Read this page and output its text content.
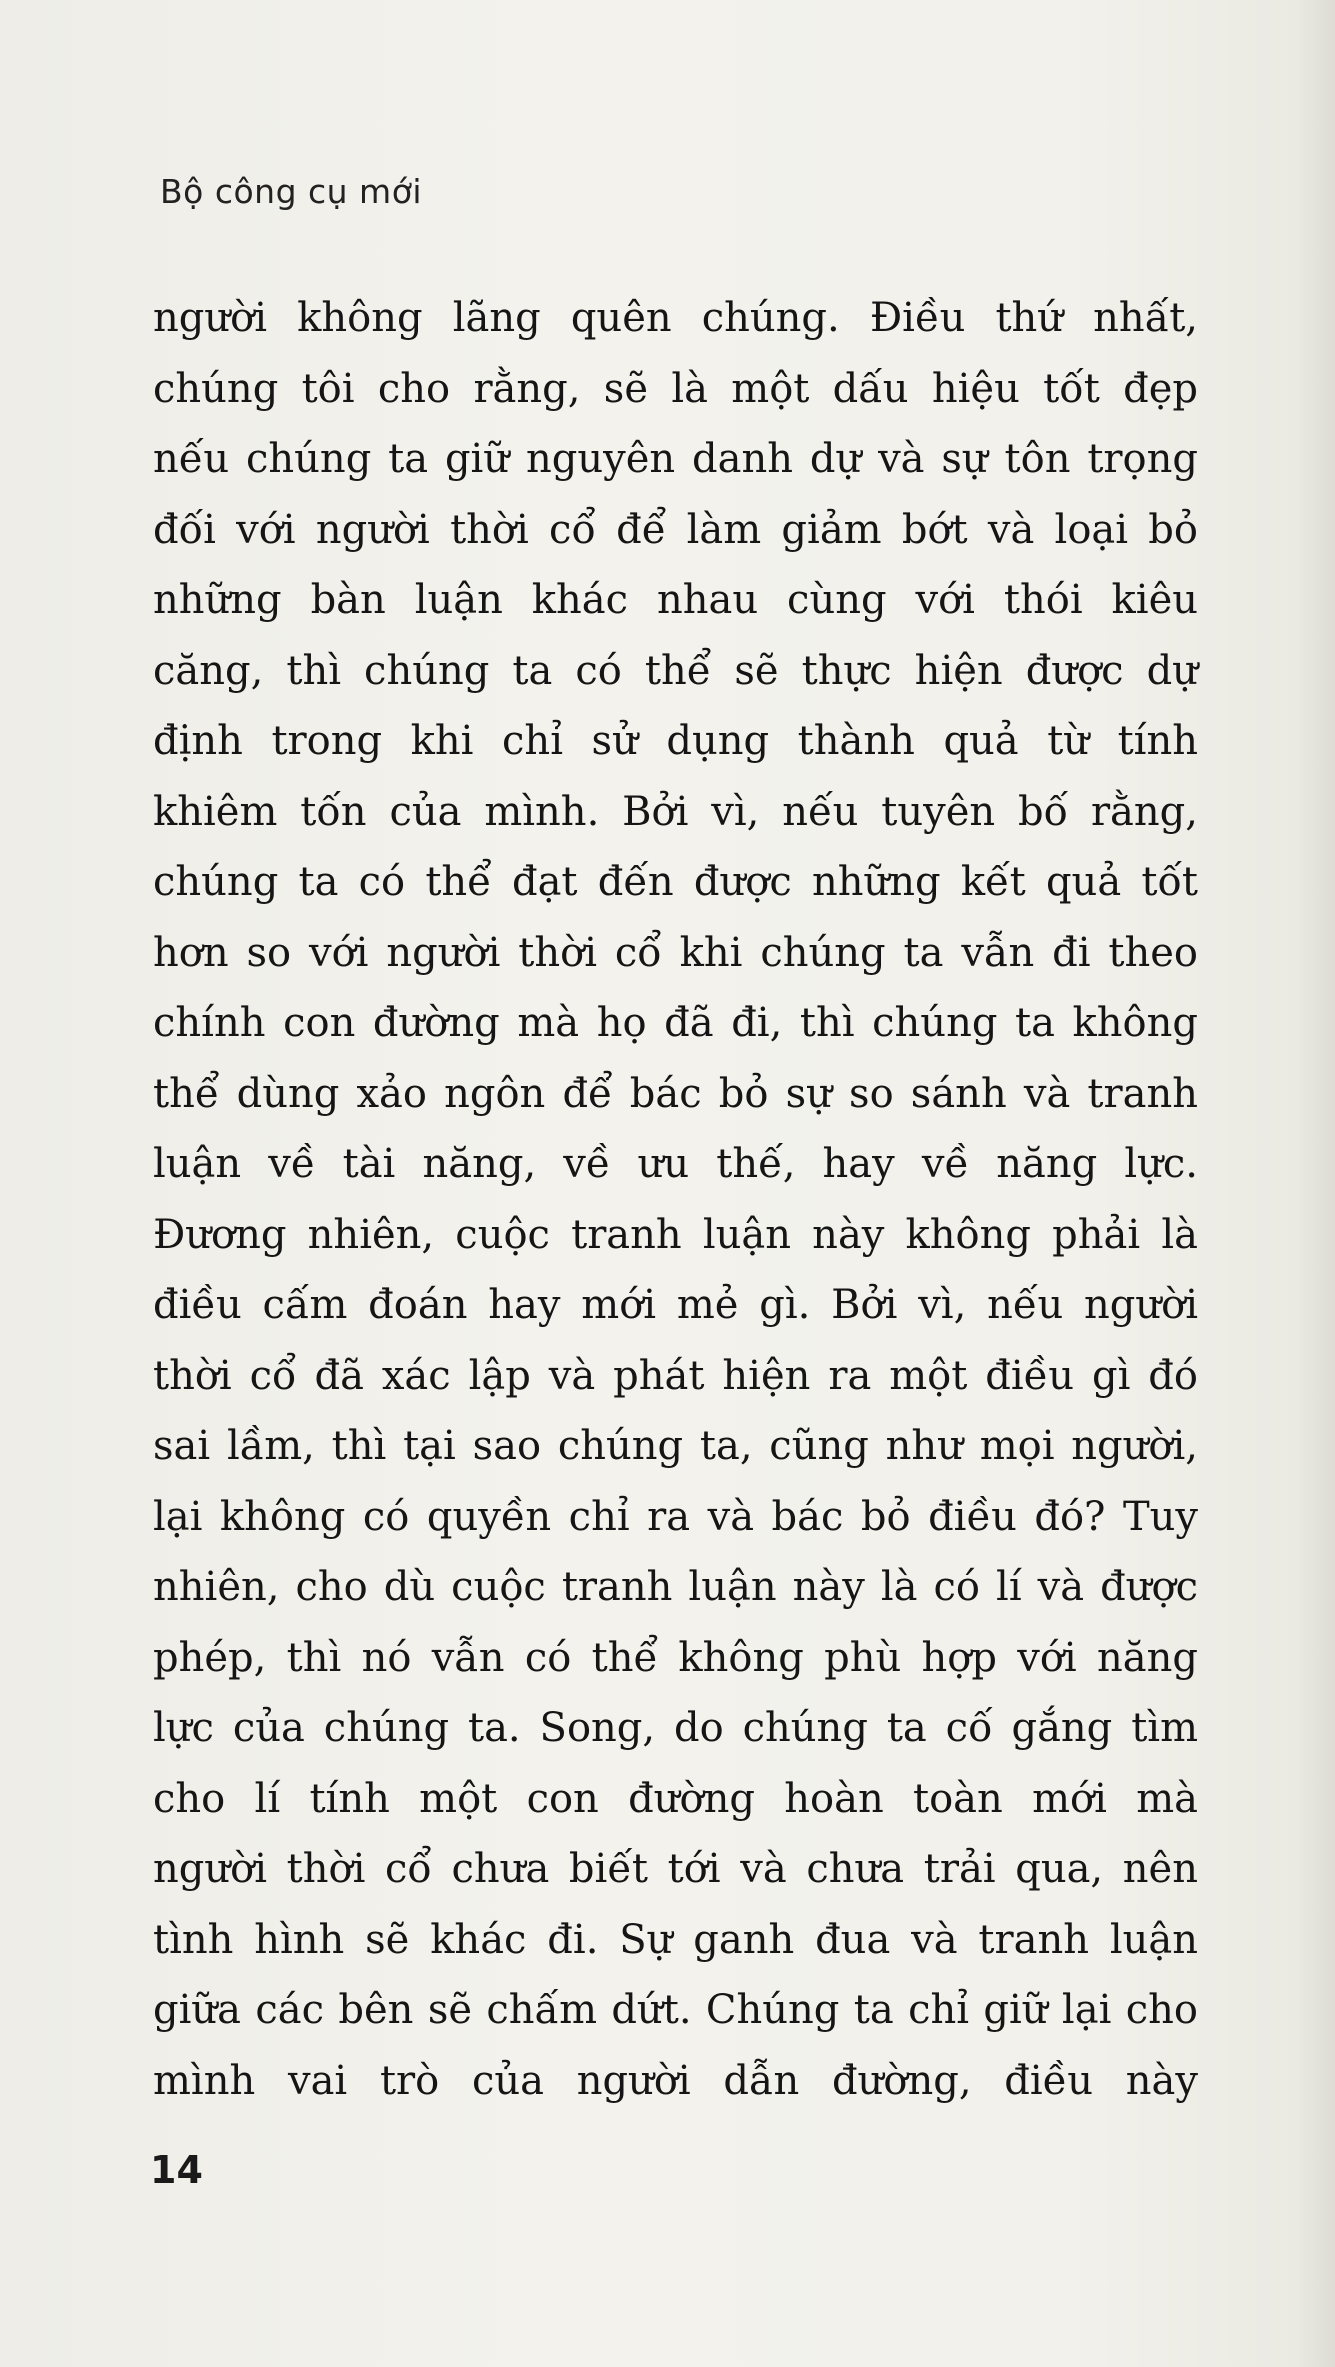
Bộ công cụ mới
người không lãng quên chúng. Điều thứ nhất,
chúng tôi cho rằng, sẽ là một dấu hiệu tốt đẹp
nếu chúng ta giữ nguyên danh dự và sự tôn trọng
đối với người thời cổ để làm giảm bớt và loại bỏ
những bàn luận khác nhau cùng với thói kiêu
căng, thì chúng ta có thể sẽ thực hiện được dự
định trong khi chỉ sử dụng thành quả từ tính
khiêm tốn của mình. Bởi vì, nếu tuyên bố rằng,
chúng ta có thể đạt đến được những kết quả tốt
hơn so với người thời cổ khi chúng ta vẫn đi theo
chính con đường mà họ đã đi, thì chúng ta không
thể dùng xảo ngôn để bác bỏ sự so sánh và tranh
luận về tài năng, về ưu thế, hay về năng lực.
Đương nhiên, cuộc tranh luận này không phải là
điều cấm đoán hay mới mẻ gì. Bởi vì, nếu người
thời cổ đã xác lập và phát hiện ra một điều gì đó
sai lầm, thì tại sao chúng ta, cũng như mọi người,
lại không có quyền chỉ ra và bác bỏ điều đó? Tuy
nhiên, cho dù cuộc tranh luận này là có lí và được
phép, thì nó vẫn có thể không phù hợp với năng
lực của chúng ta. Song, do chúng ta cố gắng tìm
cho lí tính một con đường hoàn toàn mới mà
người thời cổ chưa biết tới và chưa trải qua, nên
tình hình sẽ khác đi. Sự ganh đua và tranh luận
giữa các bên sẽ chấm dứt. Chúng ta chỉ giữ lại cho
mình vai trò của người dẫn đường, điều này
14
